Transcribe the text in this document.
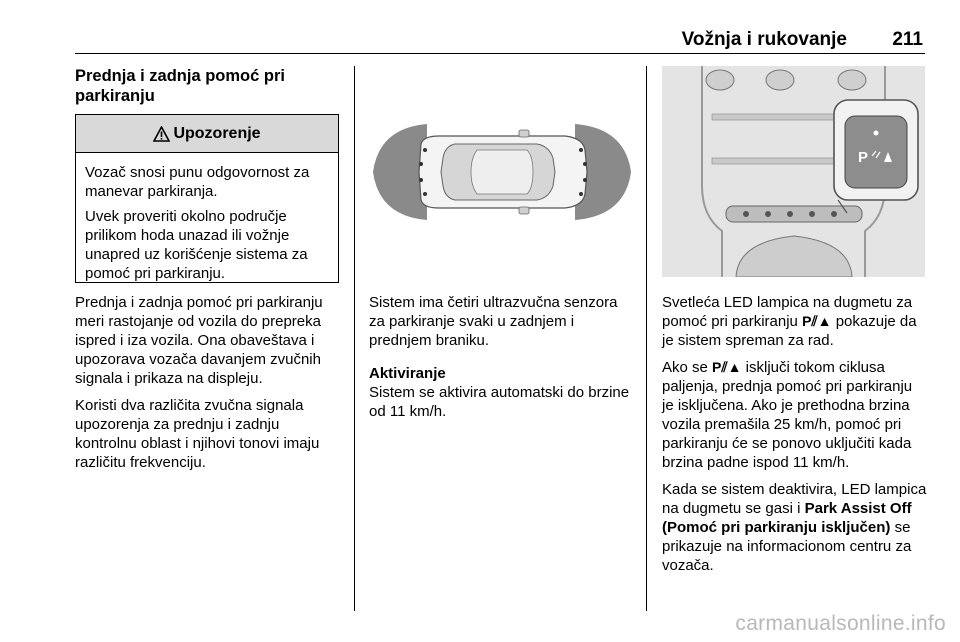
Vožnja i rukovanje 211
Prednja i zadnja pomoć pri parkiranju
Upozorenje

Vozač snosi punu odgovornost za manevar parkiranja.

Uvek proveriti okolno područje prilikom hoda unazad ili vožnje unapred uz korišćenje sistema za pomoć pri parkiranju.

Prednja i zadnja pomoć pri parkiranju meri rastojanje od vozila do prepreka ispred i iza vozila. Ona obaveštava i upozorava vozača davanjem zvučnih signala i prikaza na displeju.

Koristi dva različita zvučna signala upozorenja za prednju i zadnju kontrolnu oblast i njihovi tonovi imaju različitu frekvenciju.

Sistem ima četiri ultrazvučna senzora za parkiranje svaki u zadnjem i prednjem braniku.

Aktiviranje

Sistem se aktivira automatski do brzine od 11 km/h.

P

Svetleća LED lampica na dugmetu za pomoć pri parkiranju P⫽▲ pokazuje da je sistem spreman za rad.

Ako se P⫽▲ isključi tokom ciklusa paljenja, prednja pomoć pri parkiranju je isključena. Ako je prethodna brzina vozila premašila 25 km/h, pomoć pri parkiranju će se ponovo uključiti kada brzina padne ispod 11 km/h.

Kada se sistem deaktivira, LED lampica na dugmetu se gasi i Park Assist Off (Pomoć pri parkiranju isključen) se prikazuje na informacionom centru za vozača.

carmanualsonline.info
